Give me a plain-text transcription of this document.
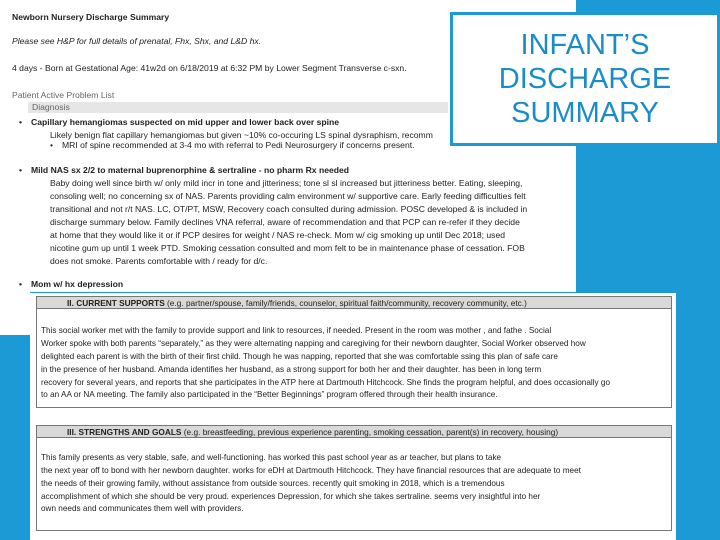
Newborn Nursery Discharge Summary
Please see H&P for full details of prenatal, Fhx, Shx, and L&D hx.
4 days - Born at Gestational Age: 41w2d on 6/18/2019 at 6:32 PM by Lower Segment Transverse c-sxn.
Patient Active Problem List
Diagnosis
• Capillary hemangiomas suspected on mid upper and lower back over spine
Likely benign flat capillary hemangiomas but given ~10% co-occuring LS spinal dysraphism, recomm
• MRI of spine recommended at 3-4 mo with referral to Pedi Neurosurgery if concerns present.
• Mild NAS sx 2/2 to maternal buprenorphine & sertraline - no pharm Rx needed
Baby doing well since birth w/ only mild incr in tone and jitteriness; tone sl sl increased but jitteriness better. Eating, sleeping,
consoling well; no concerning sx of NAS. Parents providing calm environment w/ supportive care. Early feeding difficulties felt
transitional and not r/t NAS. LC, OT/PT, MSW, Recovery coach consulted during admission. POSC developed & is included in
discharge summary below. Family declines VNA referral, aware of recommendation and that PCP can re-refer if they decide
at home that they would like it or if PCP desires for weight / NAS re-check. Mom w/ cig smoking up until Dec 2018; used
nicotine gum up until 1 week PTD. Smoking cessation consulted and mom felt to be in maintenance phase of cessation. FOB
does not smoke. Parents comfortable with / ready for d/c.
• Mom w/ hx depression
INFANT’S
DISCHARGE
SUMMARY
II. CURRENT SUPPORTS (e.g. partner/spouse, family/friends, counselor, spiritual faith/community, recovery community, etc.)
This social worker met with the family to provide support and link to resources, if needed. Present in the room was mother , and fathe . Social
Worker spoke with both parents “separately,” as they were alternating napping and caregiving for their newborn daughter, Social Worker observed how
delighted each parent is with the birth of their first child. Though he was napping, reported that she was comfortable ssing this plan of safe care
in the presence of her husband. Amanda identifies her husband, as a strong support for both her and their daughter. has been in long term
recovery for several years, and reports that she participates in the ATP here at Dartmouth Hitchcock. She finds the program helpful, and does occasionally go
to an AA or NA meeting. The family also participated in the “Better Beginnings” program offered through their health insurance.
III. STRENGTHS AND GOALS (e.g. breastfeeding, previous experience parenting, smoking cessation, parent(s) in recovery, housing)
This family presents as very stable, safe, and well-functioning. has worked this past school year as ar teacher, but plans to take
the next year off to bond with her newborn daughter. works for eDH at Dartmouth Hitchcock. They have financial resources that are adequate to meet
the needs of their growing family, without assistance from outside sources. recently quit smoking in 2018, which is a tremendous
accomplishment of which she should be very proud. experiences Depression, for which she takes sertraline. seems very insightful into her
own needs and communicates them well with providers.
